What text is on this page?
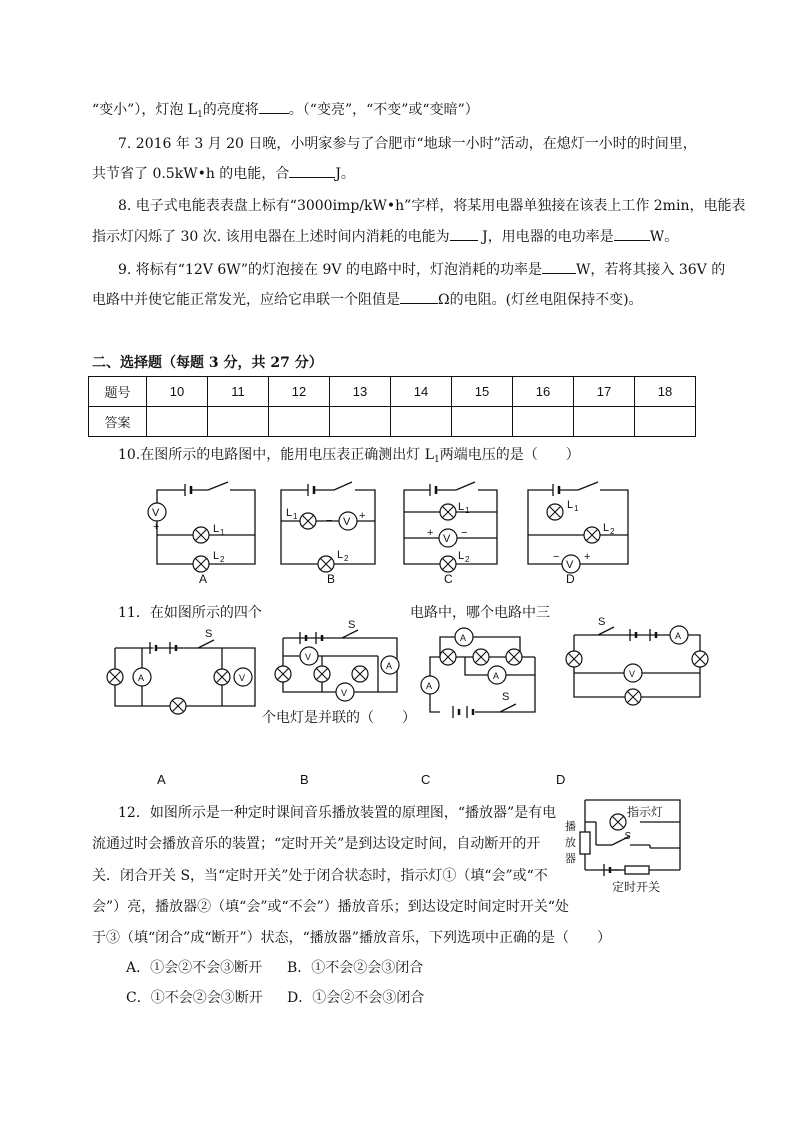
“变小”），灯泡 $L_1$的亮度将 。（“变亮”，“不变”或“变暗”）
7. 2016 年 3 月 20 日晚，小明家参与了合肥市“地球一小时”活动，在熄灯一小时的时间里，
共节省了 0.5kW•h 的电能，合	J。
8. 电子式电能表表盘上标有“3000imp/kW•h”字样，将某用电器单独接在该表上工作 2min，电能表
指示灯闪烁了 30 次. 该用电器在上述时间内消耗的电能为 J，用电器的电功率是	W。
9. 将标有“12V 6W”的灯泡接在 9V 的电路中时，灯泡消耗的功率是 W，若将其接入 36V 的
电路中并使它能正常发光，应给它串联一个阻值是	Ω的电阻。(灯丝电阻保持不变)。
二、选择题（每题 3 分，共 27 分）
题号	10	11	12	13	14	15	16	17	18
答案									
10.在图所示的电路图中，能用电压表正确测出灯 $L_1$两端电压的是（　　）
V
+	L 1
L 2
A
L 1	− V +
L 2
B
L 1
+ V −
L 2
C
L 1
L 2
−
V
+
D
S
A	V
S
V
A
V
A
A
A
S
S
A
V
指示灯
播
放
器
S
定时开关
11．在如图所示的四个	电路中，哪个电路中三
个电灯是并联的（　　）
A	B	C	D
12．如图所示是一种定时课间音乐播放装置的原理图，“播放器”是有电
流通过时会播放音乐的装置；“定时开关”是到达设定时间，自动断开的开
关．闭合开关 S，当“定时开关”处于闭合状态时，指示灯①（填“会”或“不
会”）亮，播放器②（填“会”或“不会”）播放音乐；到达设定时间定时开关“处
于③（填“闭合”成“断开”）状态，“播放器”播放音乐，下列选项中正确的是（　　）
A．①会②不会③断开 B．①不会②会③闭合
C．①不会②会③断开 D．①会②不会③闭合
